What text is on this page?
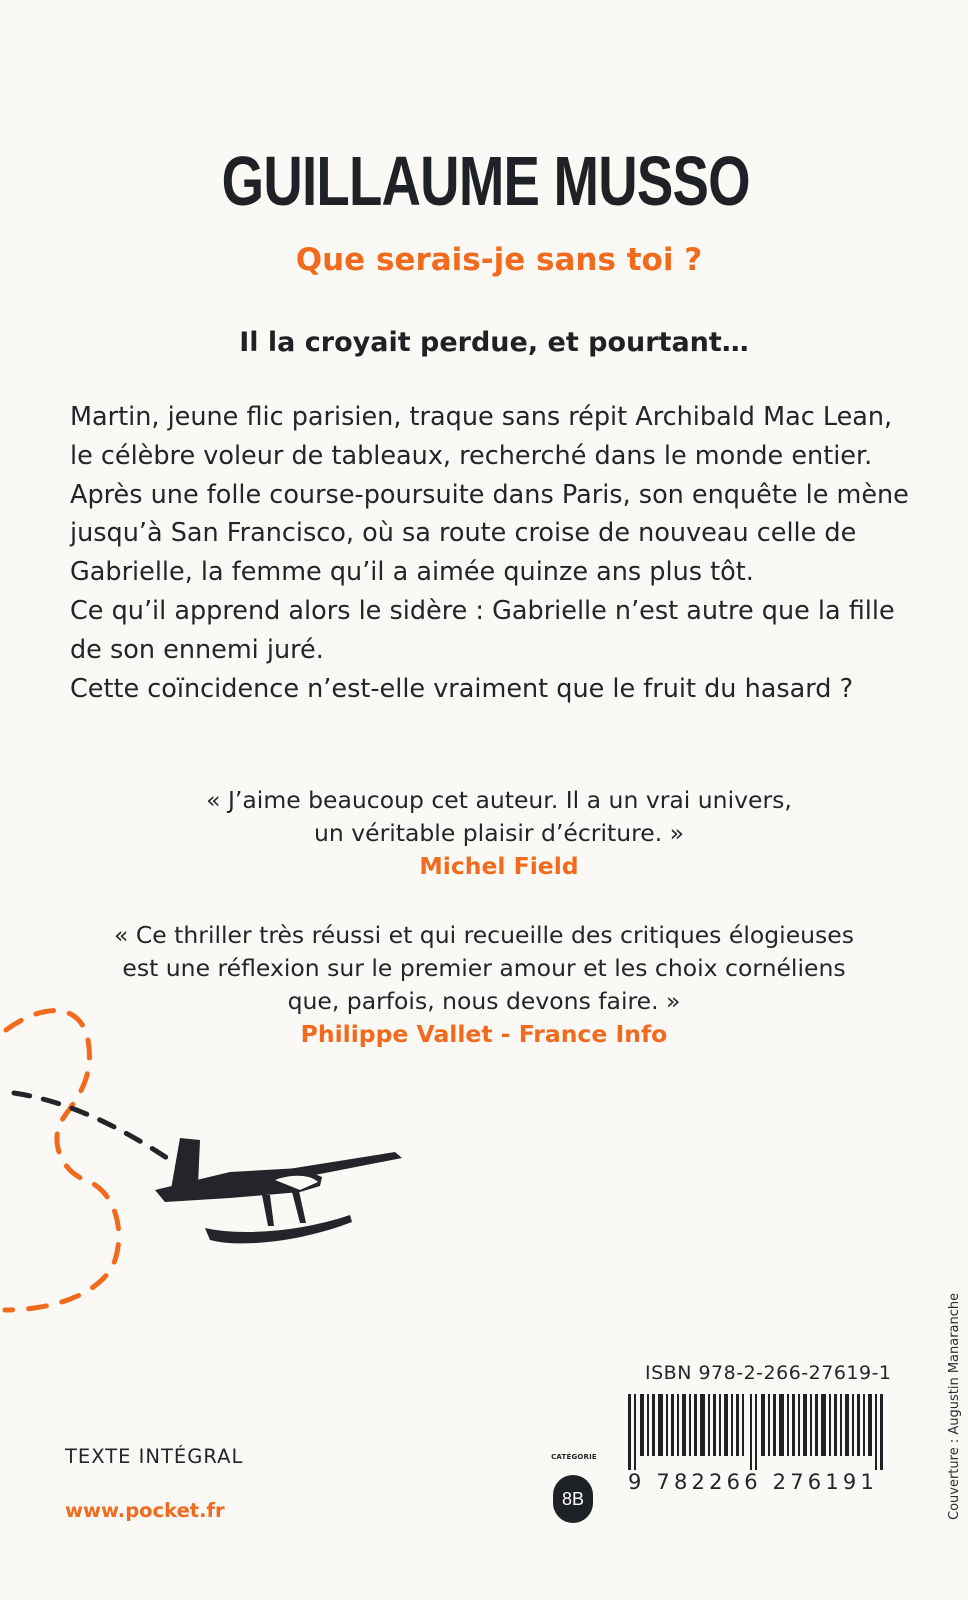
GUILLAUME MUSSO
Que serais-je sans toi ?
Il la croyait perdue, et pourtant…

Martin, jeune flic parisien, traque sans répit Archibald Mac Lean, le célèbre voleur de tableaux, recherché dans le monde entier. Après une folle course-poursuite dans Paris, son enquête le mène jusqu’à San Francisco, où sa route croise de nouveau celle de Gabrielle, la femme qu’il a aimée quinze ans plus tôt.

Ce qu’il apprend alors le sidère : Gabrielle n’est autre que la fille de son ennemi juré.

Cette coïncidence n’est-elle vraiment que le fruit du hasard ?

« J’aime beaucoup cet auteur. Il a un vrai univers,

un véritable plaisir d’écriture. »

Michel Field

« Ce thriller très réussi et qui recueille des critiques élogieuses

est une réflexion sur le premier amour et les choix cornéliens

que, parfois, nous devons faire. »

Philippe Vallet - France Info

ISBN 978-2-266-27619-1
9 782266 276191	Couverture : Augustin Manaranche
TEXTE INTÉGRAL
www.pocket.fr
CATÉGORIE
8B
